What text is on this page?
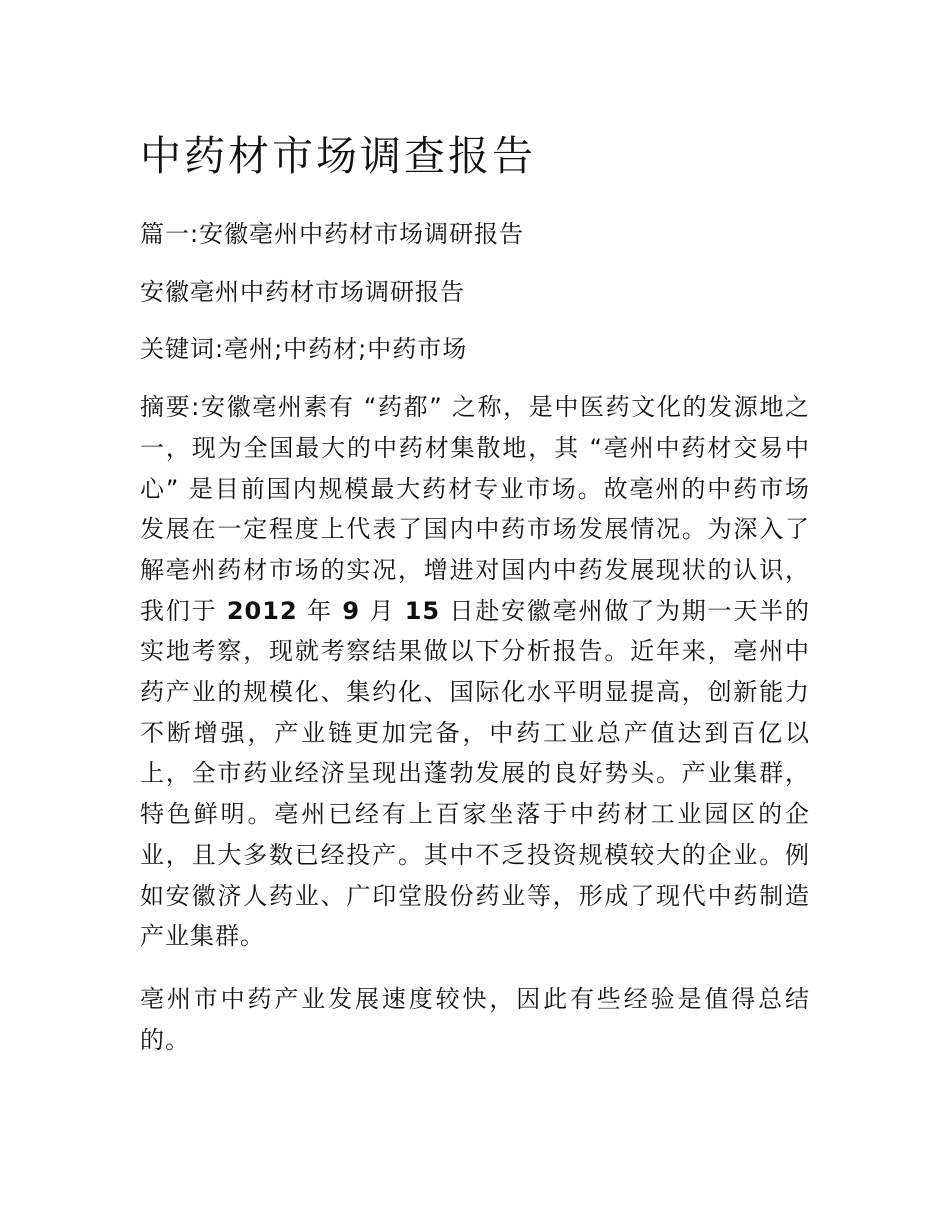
中药材市场调查报告

篇一:安徽亳州中药材市场调研报告

安徽亳州中药材市场调研报告

关键词:亳州;中药材;中药市场

摘要:安徽亳州素有 “药都” 之称，是中医药文化的发源地之一，现为全国最大的中药材集散地，其 “亳州中药材交易中心” 是目前国内规模最大药材专业市场。故亳州的中药市场发展在一定程度上代表了国内中药市场发展情况。为深入了解亳州药材市场的实况，增进对国内中药发展现状的认识，我们于 2012 年 9 月 15 日赴安徽亳州做了为期一天半的实地考察，现就考察结果做以下分析报告。近年来，亳州中药产业的规模化、集约化、国际化水平明显提高，创新能力不断增强，产业链更加完备，中药工业总产值达到百亿以上，全市药业经济呈现出蓬勃发展的良好势头。产业集群，特色鲜明。亳州已经有上百家坐落于中药材工业园区的企业，且大多数已经投产。其中不乏投资规模较大的企业。例如安徽济人药业、广印堂股份药业等，形成了现代中药制造产业集群。

亳州市中药产业发展速度较快，因此有些经验是值得总结的。
